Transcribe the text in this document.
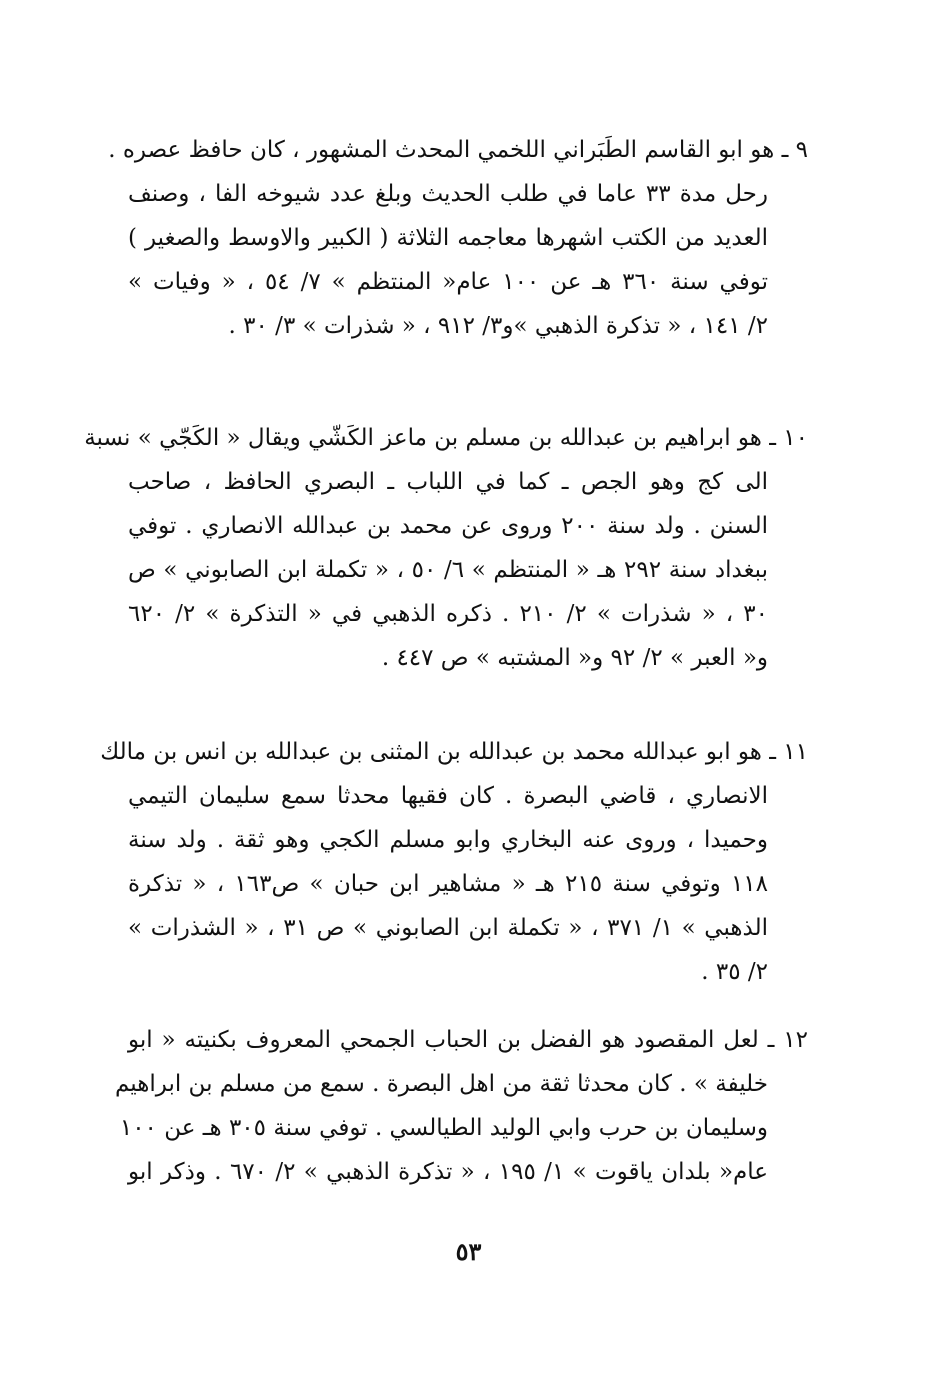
٩ ـ هو ابو القاسم الطَبَراني اللخمي المحدث المشهور ، كان حافظ عصره .
رحل مدة ٣٣ عاما في طلب الحديث وبلغ عدد شيوخه الفا ، وصنف
العديد من الكتب اشهرها معاجمه الثلاثة ( الكبير والاوسط والصغير )
توفي سنة ٣٦٠ هـ عن ١٠٠ عام« المنتظم » ٧/ ٥٤ ، « وفيات »
٢/ ١٤١ ، « تذكرة الذهبي »و٣/ ٩١٢ ، « شذرات » ٣/ ٣٠ .
١٠ ـ هو ابراهيم بن عبدالله بن مسلم بن ماعز الكَشّي ويقال « الكَجّي » نسبة
الى كج وهو الجص ـ كما في اللباب ـ البصري الحافظ ، صاحب
السنن . ولد سنة ٢٠٠ وروى عن محمد بن عبدالله الانصاري . توفي
ببغداد سنة ٢٩٢ هـ « المنتظم » ٦/ ٥٠ ، « تكملة ابن الصابوني » ص
٣٠ ، « شذرات » ٢/ ٢١٠ . ذكره الذهبي في « التذكرة » ٢/ ٦٢٠
و« العبر » ٢/ ٩٢ و« المشتبه » ص ٤٤٧ .
١١ ـ هو ابو عبدالله محمد بن عبدالله بن المثنى بن عبدالله بن انس بن مالك
الانصاري ، قاضي البصرة . كان فقيها محدثا سمع سليمان التيمي
وحميدا ، وروى عنه البخاري وابو مسلم الكجي وهو ثقة . ولد سنة
١١٨ وتوفي سنة ٢١٥ هـ « مشاهير ابن حبان » ص١٦٣ ، « تذكرة
الذهبي » ١/ ٣٧١ ، « تكملة ابن الصابوني » ص ٣١ ، « الشذرات »
٢/ ٣٥ .
١٢ ـ لعل المقصود هو الفضل بن الحباب الجمحي المعروف بكنيته « ابو
خليفة » . كان محدثا ثقة من اهل البصرة . سمع من مسلم بن ابراهيم
وسليمان بن حرب وابي الوليد الطيالسي . توفي سنة ٣٠٥ هـ عن ١٠٠
عام« بلدان ياقوت » ١/ ١٩٥ ، « تذكرة الذهبي » ٢/ ٦٧٠ . وذكر ابو
٥٣
